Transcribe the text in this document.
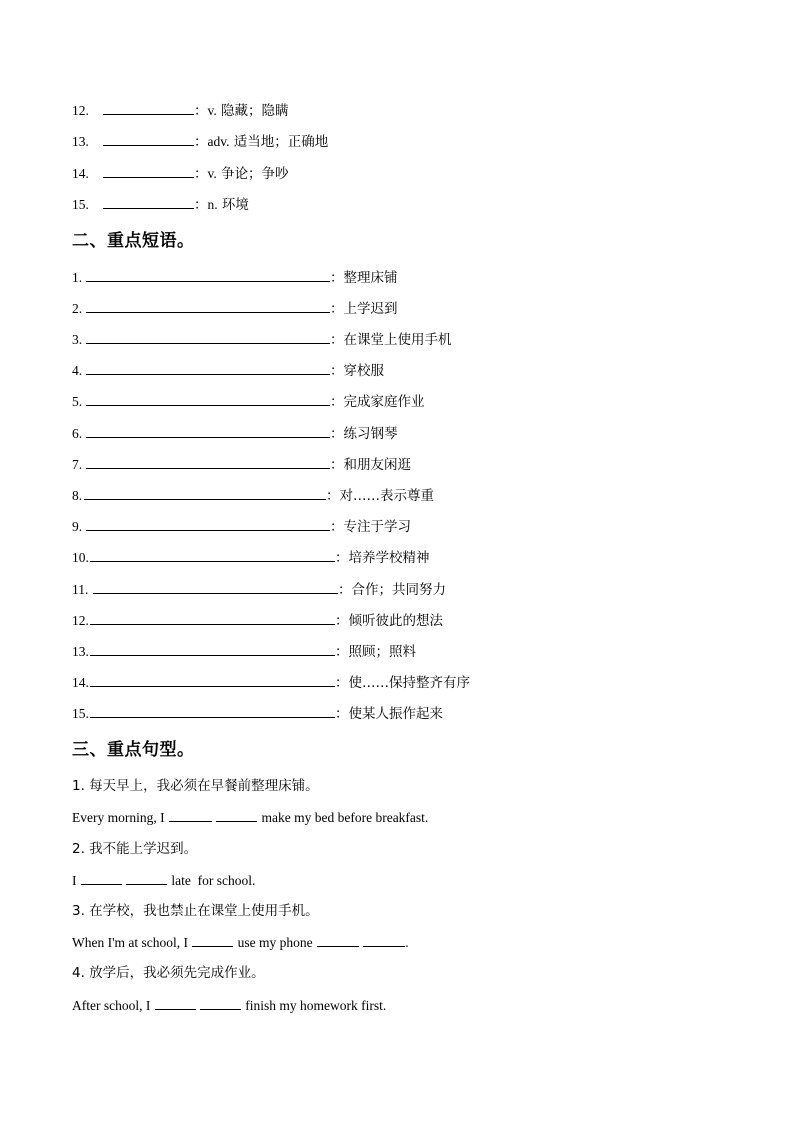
12.	：v. 隐藏；隐瞒
13.	：adv. 适当地；正确地
14.	：v. 争论；争吵
15.	：n. 环境
二、重点短语。
1.	：整理床铺
2.	：上学迟到
3.	：在课堂上使用手机
4.	：穿校服
5.	：完成家庭作业
6.	：练习钢琴
7.	：和朋友闲逛
8.	：对……表示尊重
9.	：专注于学习
10.	：培养学校精神
11.	：合作；共同努力
12.	：倾听彼此的想法
13.	：照顾；照料
14.	：使……保持整齐有序
15.	：使某人振作起来
三、重点句型。
1. 每天早上，我必须在早餐前整理床铺。
Every morning, I	make my bed before breakfast.
2. 我不能上学迟到。
I	late  for school.
3. 在学校，我也禁止在课堂上使用手机。
When I'm at school, I	use my phone	.
4. 放学后，我必须先完成作业。
After school, I	finish my homework first.
